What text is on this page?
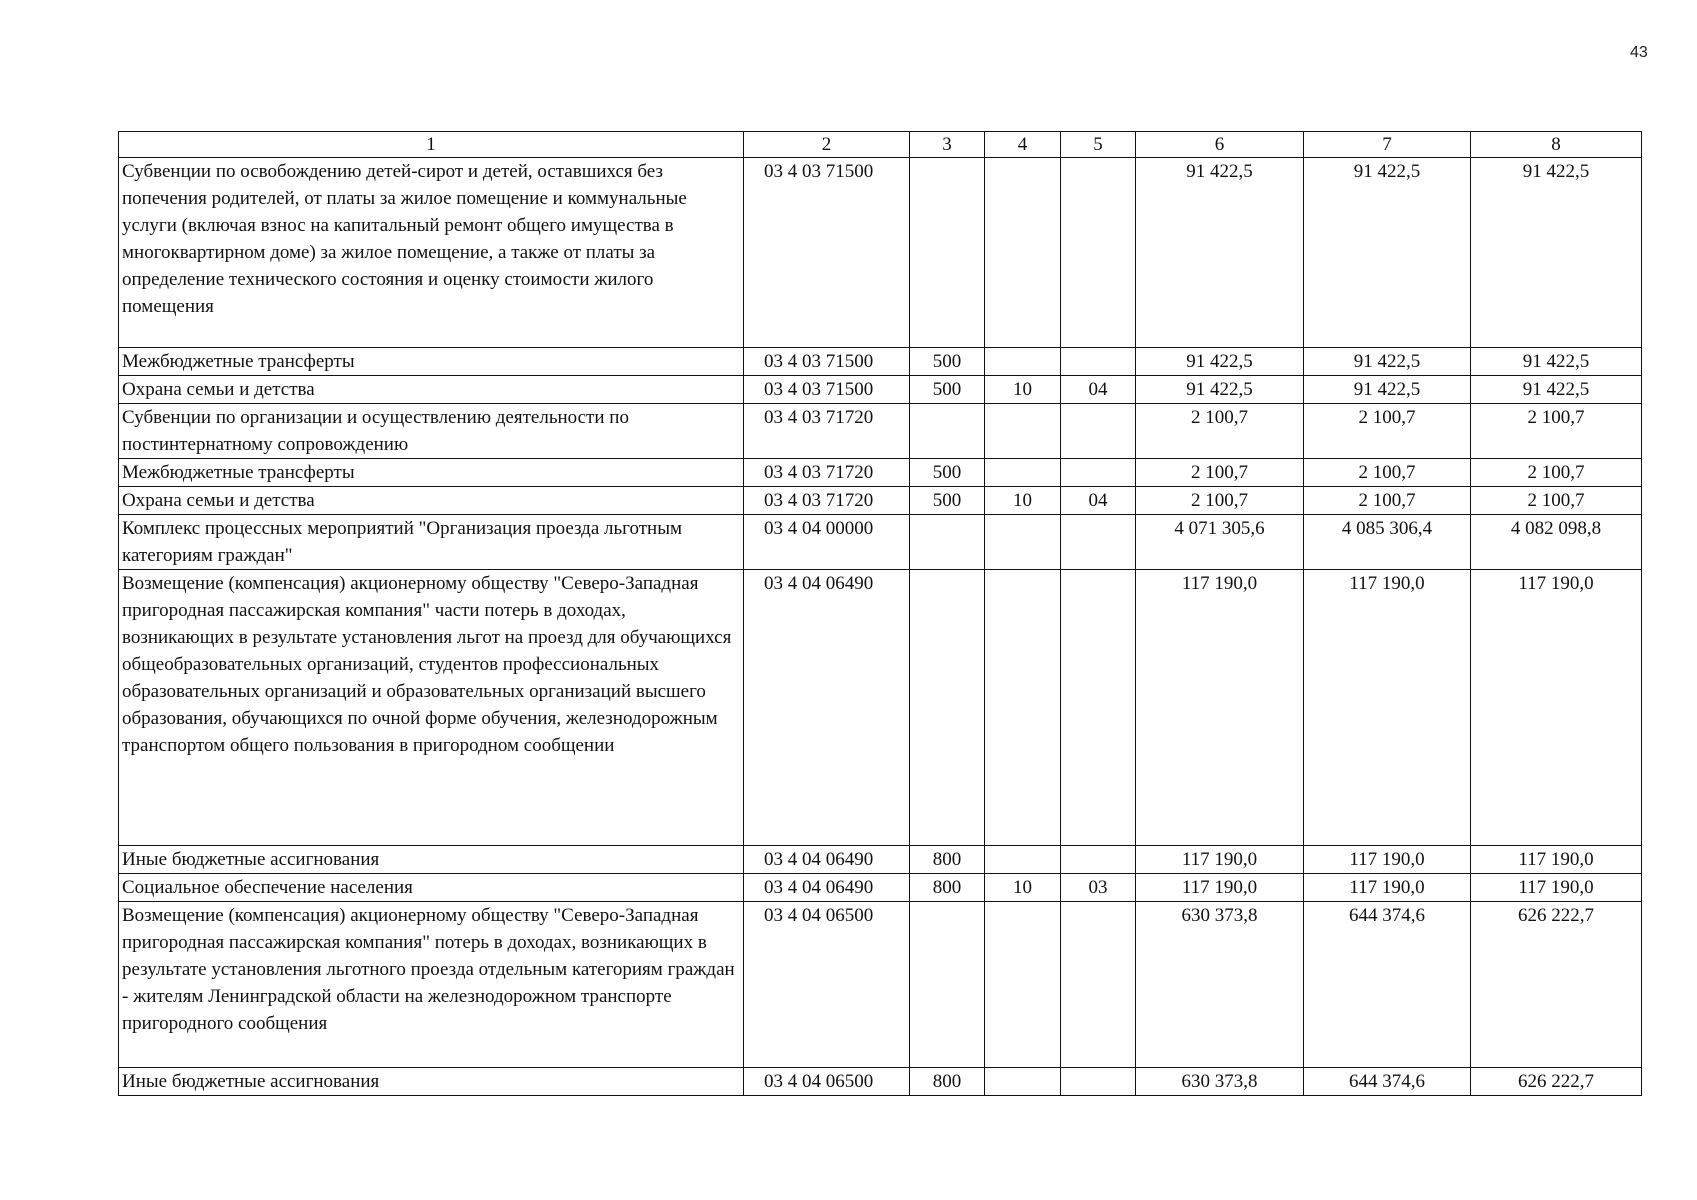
43
1	2	3	4	5	6	7	8
Субвенции по освобождению детей-сирот и детей, оставшихся без попечения родителей, от платы за жилое помещение и коммунальные услуги (включая взнос на капитальный ремонт общего имущества в многоквартирном доме) за жилое помещение, а также от платы за определение технического состояния и оценку стоимости жилого помещения	03 4 03 71500				91 422,5	91 422,5	91 422,5
Межбюджетные трансферты	03 4 03 71500	500			91 422,5	91 422,5	91 422,5
Охрана семьи и детства	03 4 03 71500	500	10	04	91 422,5	91 422,5	91 422,5
Субвенции по организации и осуществлению деятельности по постинтернатному сопровождению	03 4 03 71720				2 100,7	2 100,7	2 100,7
Межбюджетные трансферты	03 4 03 71720	500			2 100,7	2 100,7	2 100,7
Охрана семьи и детства	03 4 03 71720	500	10	04	2 100,7	2 100,7	2 100,7
Комплекс процессных мероприятий "Организация проезда льготным категориям граждан"	03 4 04 00000				4 071 305,6	4 085 306,4	4 082 098,8
Возмещение (компенсация) акционерному обществу "Северо-Западная пригородная пассажирская компания" части потерь в доходах, возникающих в результате установления льгот на проезд для обучающихся общеобразовательных организаций, студентов профессиональных образовательных организаций и образовательных организаций высшего образования, обучающихся по очной форме обучения, железнодорожным транспортом общего пользования в пригородном сообщении	03 4 04 06490				117 190,0	117 190,0	117 190,0
Иные бюджетные ассигнования	03 4 04 06490	800			117 190,0	117 190,0	117 190,0
Социальное обеспечение населения	03 4 04 06490	800	10	03	117 190,0	117 190,0	117 190,0
Возмещение (компенсация) акционерному обществу "Северо-Западная пригородная пассажирская компания" потерь в доходах, возникающих в результате установления льготного проезда отдельным категориям граждан - жителям Ленинградской области на железнодорожном транспорте пригородного сообщения	03 4 04 06500				630 373,8	644 374,6	626 222,7
Иные бюджетные ассигнования	03 4 04 06500	800			630 373,8	644 374,6	626 222,7
